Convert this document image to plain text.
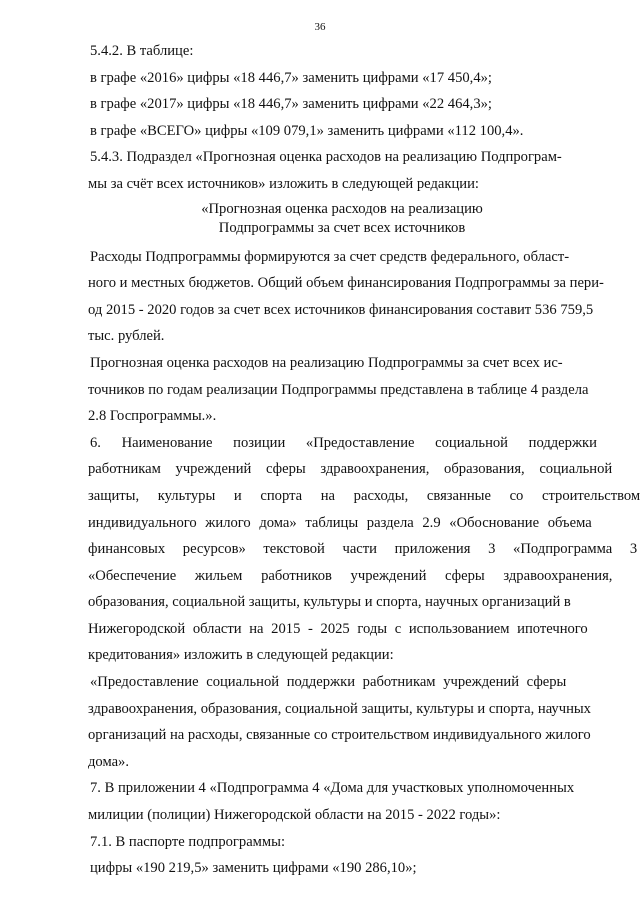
36
5.4.2. В таблице:
в графе «2016» цифры «18 446,7» заменить цифрами «17 450,4»;
в графе «2017» цифры «18 446,7» заменить цифрами «22 464,3»;
в графе «ВСЕГО» цифры «109 079,1» заменить цифрами «112 100,4».
5.4.3. Подраздел «Прогнозная оценка расходов на реализацию Подпрограм-
мы за счёт всех источников» изложить в следующей редакции:
«Прогнозная оценка расходов на реализацию
Подпрограммы за счет всех источников
Расходы Подпрограммы формируются за счет средств федерального, област-
ного и местных бюджетов. Общий объем финансирования Подпрограммы за пери-
од 2015 - 2020 годов за счет всех источников финансирования составит 536 759,5
тыс. рублей.
Прогнозная оценка расходов на реализацию Подпрограммы за счет всех ис-
точников по годам реализации Подпрограммы представлена в таблице 4 раздела
2.8 Госпрограммы.».
6. Наименование позиции «Предоставление социальной поддержки
работникам учреждений сферы здравоохранения, образования, социальной
защиты, культуры и спорта на расходы, связанные со строительством
индивидуального жилого дома» таблицы раздела 2.9 «Обоснование объема
финансовых ресурсов» текстовой части приложения 3 «Подпрограмма 3
«Обеспечение жильем работников учреждений сферы здравоохранения,
образования, социальной защиты, культуры и спорта, научных организаций в
Нижегородской области на 2015 - 2025 годы с использованием ипотечного
кредитования» изложить в следующей редакции:
«Предоставление социальной поддержки работникам учреждений сферы
здравоохранения, образования, социальной защиты, культуры и спорта, научных
организаций на расходы, связанные со строительством индивидуального жилого
дома».
7. В приложении 4 «Подпрограмма 4 «Дома для участковых уполномоченных
милиции (полиции) Нижегородской области на 2015 - 2022 годы»:
7.1. В паспорте подпрограммы:
цифры «190 219,5» заменить цифрами «190 286,10»;
